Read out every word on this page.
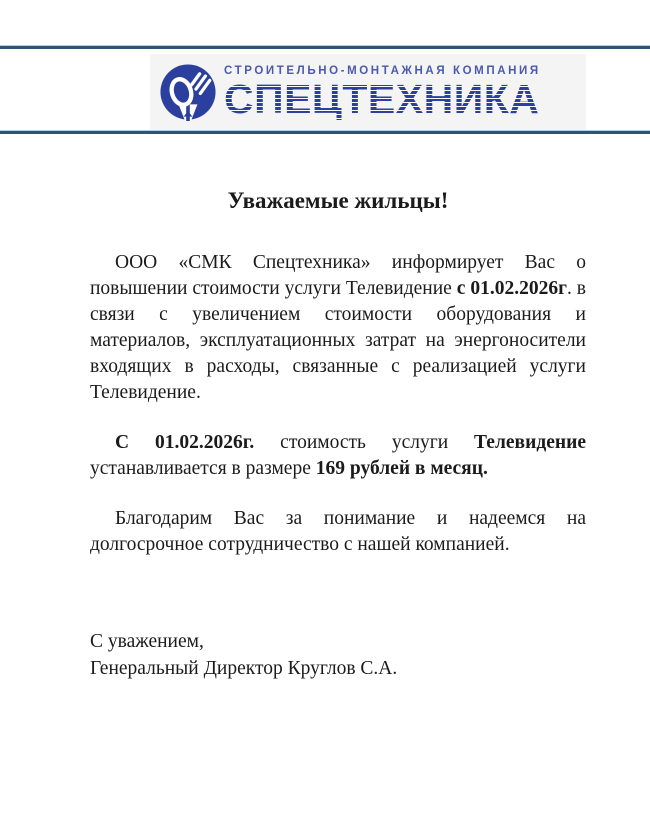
СТРОИТЕЛЬНО-МОНТАЖНАЯ КОМПАНИЯ
СПЕЦТЕХНИКА
Уважаемые жильцы!

ООО «СМК Спецтехника» информирует Вас о повышении стоимости услуги Телевидение с 01.02.2026г. в связи с увеличением стоимости оборудования и материалов, эксплуатационных затрат на энергоносители входящих в расходы, связанные с реализацией услуги Телевидение.

С 01.02.2026г. стоимость услуги Телевидение устанавливается в размере 169 рублей в месяц.

Благодарим Вас за понимание и надеемся на долгосрочное сотрудничество с нашей компанией.

С уважением,
Генеральный Директор Круглов С.А.
